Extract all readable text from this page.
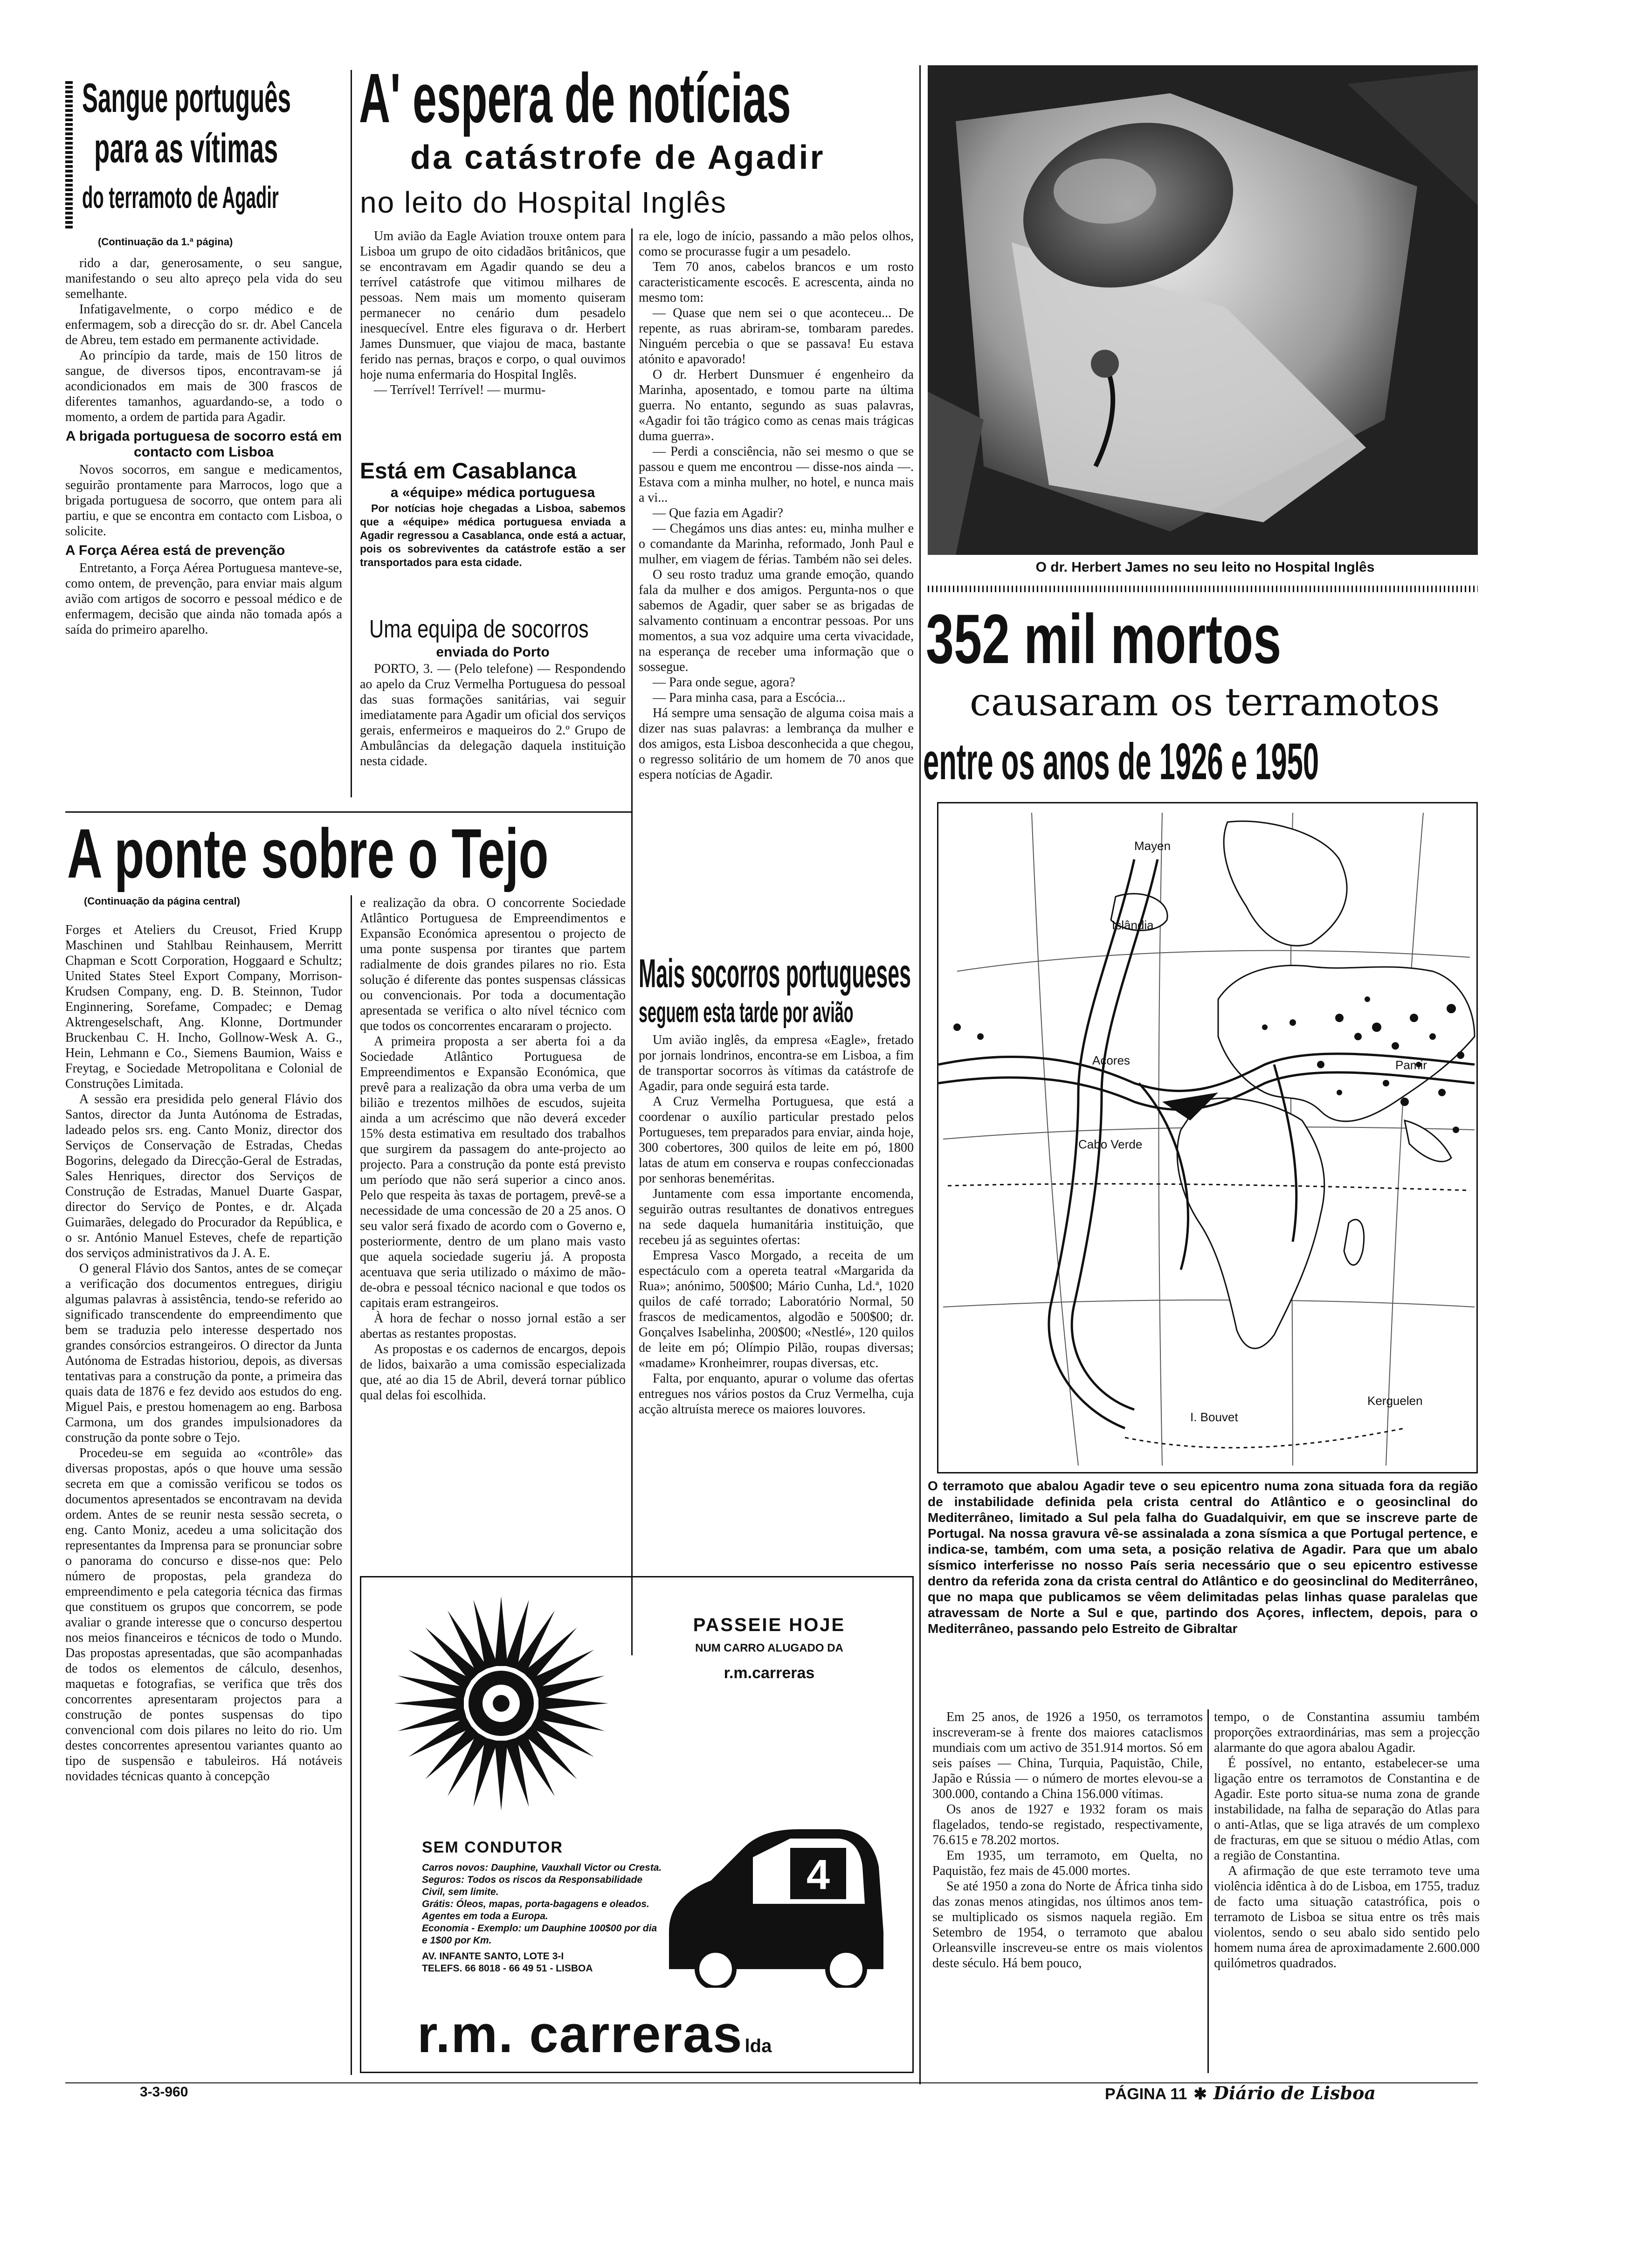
Sangue português
para as vítimas
do terramoto de Agadir
(Continuação da 1.ª página)

rido a dar, generosamente, o seu sangue, manifestando o seu alto apreço pela vida do seu semelhante.

Infatigavelmente, o corpo médico e de enfermagem, sob a direcção do sr. dr. Abel Cancela de Abreu, tem estado em permanente actividade.

Ao princípio da tarde, mais de 150 litros de sangue, de diversos tipos, encontravam-se já acondicionados em mais de 300 frascos de diferentes tamanhos, aguardando-se, a todo o momento, a ordem de partida para Agadir.

A brigada portuguesa de socorro está em contacto com Lisboa

Novos socorros, em sangue e medicamentos, seguirão prontamente para Marrocos, logo que a brigada portuguesa de socorro, que ontem para ali partiu, e que se encontra em contacto com Lisboa, o solicite.

A Força Aérea está de prevenção

Entretanto, a Força Aérea Portuguesa manteve-se, como ontem, de prevenção, para enviar mais algum avião com artigos de socorro e pessoal médico e de enfermagem, decisão que ainda não tomada após a saída do primeiro aparelho.

A' espera de notícias
da catástrofe de Agadir
no leito do Hospital Inglês

Um avião da Eagle Aviation trouxe ontem para Lisboa um grupo de oito cidadãos britânicos, que se encontravam em Agadir quando se deu a terrível catástrofe que vitimou milhares de pessoas. Nem mais um momento quiseram permanecer no cenário dum pesadelo inesquecível. Entre eles figurava o dr. Herbert James Dunsmuer, que viajou de maca, bastante ferido nas pernas, braços e corpo, o qual ouvimos hoje numa enfermaria do Hospital Inglês.

— Terrível! Terrível! — murmu-

Está em Casablanca
a «équipe» médica portuguesa
Por notícias hoje chegadas a Lisboa, sabemos que a «équipe» médica portuguesa enviada a Agadir regressou a Casablanca, onde está a actuar, pois os sobreviventes da catástrofe estão a ser transportados para esta cidade.
Uma equipa de socorros
enviada do Porto
PORTO, 3. — (Pelo telefone) — Respondendo ao apelo da Cruz Vermelha Portuguesa do pessoal das suas formações sanitárias, vai seguir imediatamente para Agadir um oficial dos serviços gerais, enfermeiros e maqueiros do 2.º Grupo de Ambulâncias da delegação daquela instituição nesta cidade.

ra ele, logo de início, passando a mão pelos olhos, como se procurasse fugir a um pesadelo.

Tem 70 anos, cabelos brancos e um rosto caracteristicamente escocês. E acrescenta, ainda no mesmo tom:

— Quase que nem sei o que aconteceu... De repente, as ruas abriram-se, tombaram paredes. Ninguém percebia o que se passava! Eu estava atónito e apavorado!

O dr. Herbert Dunsmuer é engenheiro da Marinha, aposentado, e tomou parte na última guerra. No entanto, segundo as suas palavras, «Agadir foi tão trágico como as cenas mais trágicas duma guerra».

— Perdi a consciência, não sei mesmo o que se passou e quem me encontrou — disse-nos ainda —. Estava com a minha mulher, no hotel, e nunca mais a vi...

— Que fazia em Agadir?

— Chegámos uns dias antes: eu, minha mulher e o comandante da Marinha, reformado, Jonh Paul e mulher, em viagem de férias. Também não sei deles.

O seu rosto traduz uma grande emoção, quando fala da mulher e dos amigos. Pergunta-nos o que sabemos de Agadir, quer saber se as brigadas de salvamento continuam a encontrar pessoas. Por uns momentos, a sua voz adquire uma certa vivacidade, na esperança de receber uma informação que o sossegue.

— Para onde segue, agora?

— Para minha casa, para a Escócia...

Há sempre uma sensação de alguma coisa mais a dizer nas suas palavras: a lembrança da mulher e dos amigos, esta Lisboa desconhecida a que chegou, o regresso solitário de um homem de 70 anos que espera notícias de Agadir.

Mais socorros portugueses
seguem esta tarde por avião

Um avião inglês, da empresa «Eagle», fretado por jornais londrinos, encontra-se em Lisboa, a fim de transportar socorros às vítimas da catástrofe de Agadir, para onde seguirá esta tarde.

A Cruz Vermelha Portuguesa, que está a coordenar o auxílio particular prestado pelos Portugueses, tem preparados para enviar, ainda hoje, 300 cobertores, 300 quilos de leite em pó, 1800 latas de atum em conserva e roupas confeccionadas por senhoras beneméritas.

Juntamente com essa importante encomenda, seguirão outras resultantes de donativos entregues na sede daquela humanitária instituição, que recebeu já as seguintes ofertas:

Empresa Vasco Morgado, a receita de um espectáculo com a opereta teatral «Margarida da Rua»; anónimo, 500$00; Mário Cunha, Ld.ª, 1020 quilos de café torrado; Laboratório Normal, 50 frascos de medicamentos, algodão e 500$00; dr. Gonçalves Isabelinha, 200$00; «Nestlé», 120 quilos de leite em pó; Olímpio Pilão, roupas diversas; «madame» Kronheimrer, roupas diversas, etc.

Falta, por enquanto, apurar o volume das ofertas entregues nos vários postos da Cruz Vermelha, cuja acção altruísta merece os maiores louvores.

O dr. Herbert James no seu leito no Hospital Inglês
352 mil mortos
causaram os terramotos
entre os anos de 1926 e 1950
Mayen
Islândia
Açores	Pamir
Cabo Verde
Kerguelen
I. Bouvet
O terramoto que abalou Agadir teve o seu epicentro numa zona situada fora da região de instabilidade definida pela crista central do Atlântico e o geosinclinal do Mediterrâneo, limitado a Sul pela falha do Guadalquivir, em que se inscreve parte de Portugal. Na nossa gravura vê-se assinalada a zona sísmica a que Portugal pertence, e indica-se, também, com uma seta, a posição relativa de Agadir. Para que um abalo sísmico interferisse no nosso País seria necessário que o seu epicentro estivesse dentro da referida zona da crista central do Atlântico e do geosinclinal do Mediterrâneo, que no mapa que publicamos se vêem delimitadas pelas linhas quase paralelas que atravessam de Norte a Sul e que, partindo dos Açores, inflectem, depois, para o Mediterrâneo, passando pelo Estreito de Gibraltar

Em 25 anos, de 1926 a 1950, os terramotos inscreveram-se à frente dos maiores cataclismos mundiais com um activo de 351.914 mortos. Só em seis países — China, Turquia, Paquistão, Chile, Japão e Rússia — o número de mortes elevou-se a 300.000, contando a China 156.000 vítimas.

Os anos de 1927 e 1932 foram os mais flagelados, tendo-se registado, respectivamente, 76.615 e 78.202 mortos.

Em 1935, um terramoto, em Quelta, no Paquistão, fez mais de 45.000 mortes.

Se até 1950 a zona do Norte de África tinha sido das zonas menos atingidas, nos últimos anos tem-se multiplicado os sismos naquela região. Em Setembro de 1954, o terramoto que abalou Orleansville inscreveu-se entre os mais violentos deste século. Há bem pouco,

tempo, o de Constantina assumiu também proporções extraordinárias, mas sem a projecção alarmante do que agora abalou Agadir.

É possível, no entanto, estabelecer-se uma ligação entre os terramotos de Constantina e de Agadir. Este porto situa-se numa zona de grande instabilidade, na falha de separação do Atlas para o anti-Atlas, que se liga através de um complexo de fracturas, em que se situou o médio Atlas, com a região de Constantina.

A afirmação de que este terramoto teve uma violência idêntica à do de Lisboa, em 1755, traduz de facto uma situação catastrófica, pois o terramoto de Lisboa se situa entre os três mais violentos, sendo o seu abalo sido sentido pelo homem numa área de aproximadamente 2.600.000 quilómetros quadrados.

A ponte sobre o Tejo
(Continuação da página central)

Forges et Ateliers du Creusot, Fried Krupp Maschinen und Stahlbau Reinhausem, Merritt Chapman e Scott Corporation, Hoggaard e Schultz; United States Steel Export Company, Morrison-Krudsen Company, eng. D. B. Steinnon, Tudor Enginnering, Sorefame, Compadec; e Demag Aktrengeselschaft, Ang. Klonne, Dortmunder Bruckenbau C. H. Incho, Gollnow-Wesk A. G., Hein, Lehmann e Co., Siemens Baumion, Waiss e Freytag, e Sociedade Metropolitana e Colonial de Construções Limitada.

A sessão era presidida pelo general Flávio dos Santos, director da Junta Autónoma de Estradas, ladeado pelos srs. eng. Canto Moniz, director dos Serviços de Conservação de Estradas, Chedas Bogorins, delegado da Direcção-Geral de Estradas, Sales Henriques, director dos Serviços de Construção de Estradas, Manuel Duarte Gaspar, director do Serviço de Pontes, e dr. Alçada Guimarães, delegado do Procurador da República, e o sr. António Manuel Esteves, chefe de repartição dos serviços administrativos da J. A. E.

O general Flávio dos Santos, antes de se começar a verificação dos documentos entregues, dirigiu algumas palavras à assistência, tendo-se referido ao significado transcendente do empreendimento que bem se traduzia pelo interesse despertado nos grandes consórcios estrangeiros. O director da Junta Autónoma de Estradas historiou, depois, as diversas tentativas para a construção da ponte, a primeira das quais data de 1876 e fez devido aos estudos do eng. Miguel Pais, e prestou homenagem ao eng. Barbosa Carmona, um dos grandes impulsionadores da construção da ponte sobre o Tejo.

Procedeu-se em seguida ao «contrôle» das diversas propostas, após o que houve uma sessão secreta em que a comissão verificou se todos os documentos apresentados se encontravam na devida ordem. Antes de se reunir nesta sessão secreta, o eng. Canto Moniz, acedeu a uma solicitação dos representantes da Imprensa para se pronunciar sobre o panorama do concurso e disse-nos que: Pelo número de propostas, pela grandeza do empreendimento e pela categoria técnica das firmas que constituem os grupos que concorrem, se pode avaliar o grande interesse que o concurso despertou nos meios financeiros e técnicos de todo o Mundo. Das propostas apresentadas, que são acompanhadas de todos os elementos de cálculo, desenhos, maquetas e fotografias, se verifica que três dos concorrentes apresentaram projectos para a construção de pontes suspensas do tipo convencional com dois pilares no leito do rio. Um destes concorrentes apresentou variantes quanto ao tipo de suspensão e tabuleiros. Há notáveis novidades técnicas quanto à concepção

e realização da obra. O concorrente Sociedade Atlântico Portuguesa de Empreendimentos e Expansão Económica apresentou o projecto de uma ponte suspensa por tirantes que partem radialmente de dois grandes pilares no rio. Esta solução é diferente das pontes suspensas clássicas ou convencionais. Por toda a documentação apresentada se verifica o alto nível técnico com que todos os concorrentes encararam o projecto.

A primeira proposta a ser aberta foi a da Sociedade Atlântico Portuguesa de Empreendimentos e Expansão Económica, que prevê para a realização da obra uma verba de um bilião e trezentos milhões de escudos, sujeita ainda a um acréscimo que não deverá exceder 15% desta estimativa em resultado dos trabalhos que surgirem da passagem do ante-projecto ao projecto. Para a construção da ponte está previsto um período que não será superior a cinco anos. Pelo que respeita às taxas de portagem, prevê-se a necessidade de uma concessão de 20 a 25 anos. O seu valor será fixado de acordo com o Governo e, posteriormente, dentro de um plano mais vasto que aquela sociedade sugeriu já. A proposta acentuava que seria utilizado o máximo de mão-de-obra e pessoal técnico nacional e que todos os capitais eram estrangeiros.

À hora de fechar o nosso jornal estão a ser abertas as restantes propostas.

As propostas e os cadernos de encargos, depois de lidos, baixarão a uma comissão especializada que, até ao dia 15 de Abril, deverá tornar público qual delas foi escolhida.

PASSEIE HOJE
NUM CARRO ALUGADO DA
r.m.carreras
SEM CONDUTOR
Carros novos: Dauphine, Vauxhall Victor ou Cresta.
Seguros: Todos os riscos da Responsabilidade Civil, sem limite.
Grátis: Óleos, mapas, porta-bagagens e oleados.
Agentes em toda a Europa.
Economia - Exemplo: um Dauphine 100$00 por dia e 1$00 por Km.
AV. INFANTE SANTO, LOTE 3-I
TELEFS. 66 8018 - 66 49 51 - LISBOA
4
r.m. carreras lda
3-3-960	PÁGINA 11 ✱ Diário de Lisboa
